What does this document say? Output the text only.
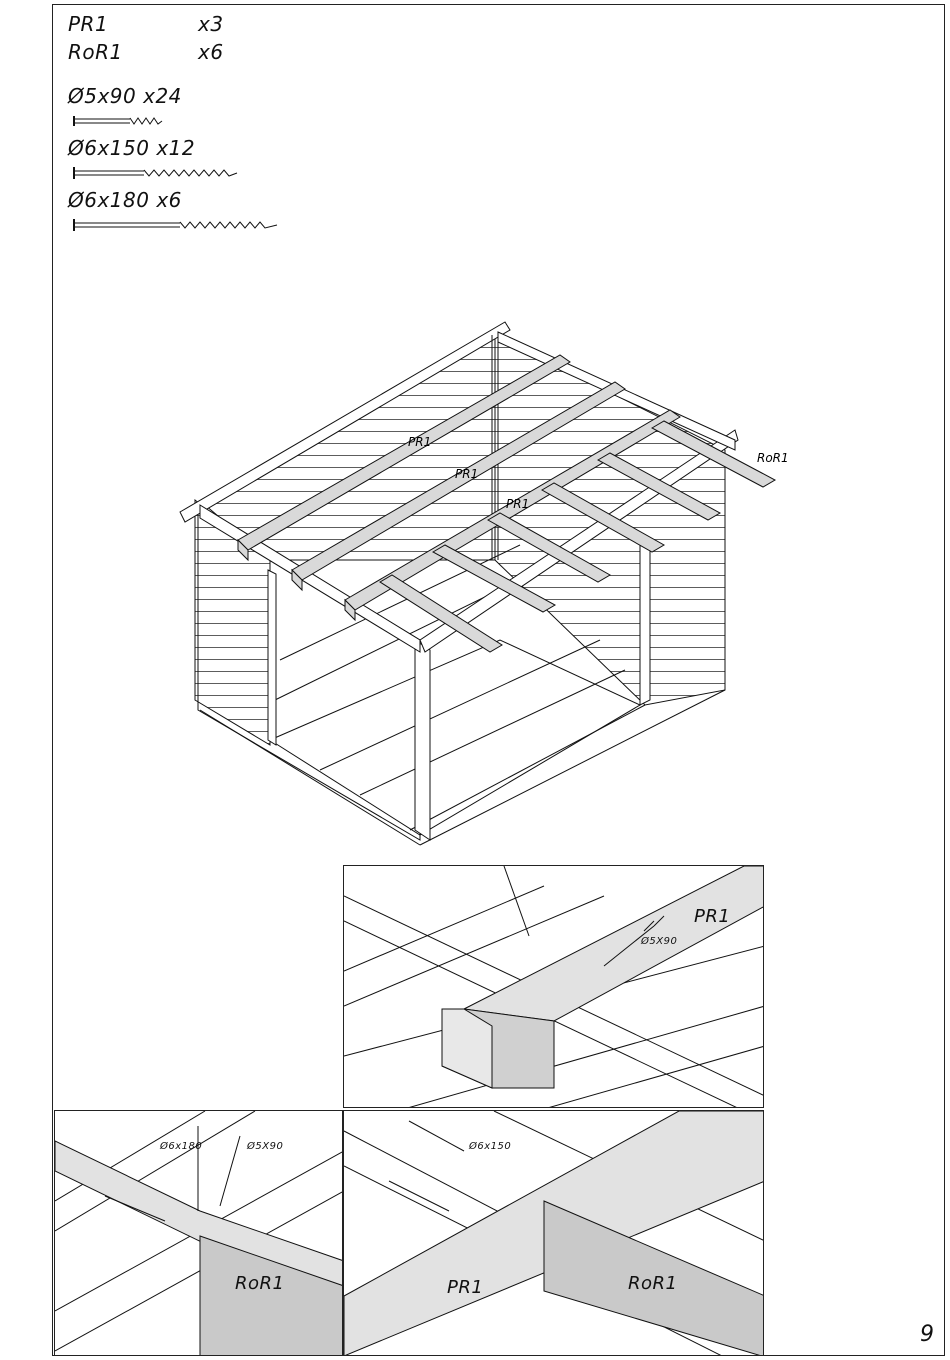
PR1	x3
RoR1	x6
Ø5x90 x24
Ø6x150 x12
Ø6x180 x6
PR1
PR1
PR1
RoR1
PR1
Ø5X90
Ø6x180	Ø5X90
RoR1
Ø6x150
PR1	RoR1
9
